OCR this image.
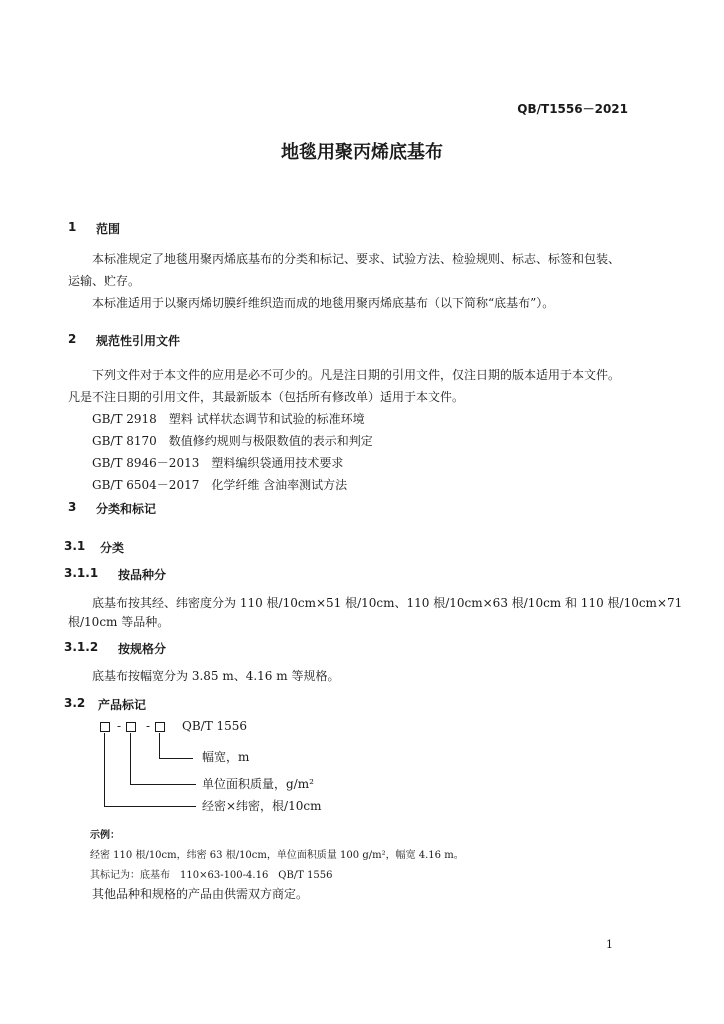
QB/T1556－2021
地毯用聚丙烯底基布
1 范围
本标准规定了地毯用聚丙烯底基布的分类和标记、要求、试验方法、检验规则、标志、标签和包装、
运输、贮存。
本标准适用于以聚丙烯切膜纤维织造而成的地毯用聚丙烯底基布（以下简称“底基布”）。
2 规范性引用文件
下列文件对于本文件的应用是必不可少的。凡是注日期的引用文件，仅注日期的版本适用于本文件。
凡是不注日期的引用文件，其最新版本（包括所有修改单）适用于本文件。
GB/T 2918　塑料 试样状态调节和试验的标准环境
GB/T 8170　数值修约规则与极限数值的表示和判定
GB/T 8946－2013　塑料编织袋通用技术要求
GB/T 6504－2017　化学纤维 含油率测试方法
3 分类和标记
3.1 分类
3.1.1 按品种分
底基布按其经、纬密度分为 110 根/10cm×51 根/10cm、110 根/10cm×63 根/10cm 和 110 根/10cm×71
根/10cm 等品种。
3.1.2 按规格分
底基布按幅宽分为 3.85 m、4.16 m 等规格。
3.2 产品标记
- -	QB/T 1556
幅宽，m
单位面积质量，g/m²
经密×纬密，根/10cm
示例：
经密 110 根/10cm，纬密 63 根/10cm，单位面积质量 100 g/m²，幅宽 4.16 m。
其标记为：底基布　110×63-100-4.16　QB/T 1556
其他品种和规格的产品由供需双方商定。
1
